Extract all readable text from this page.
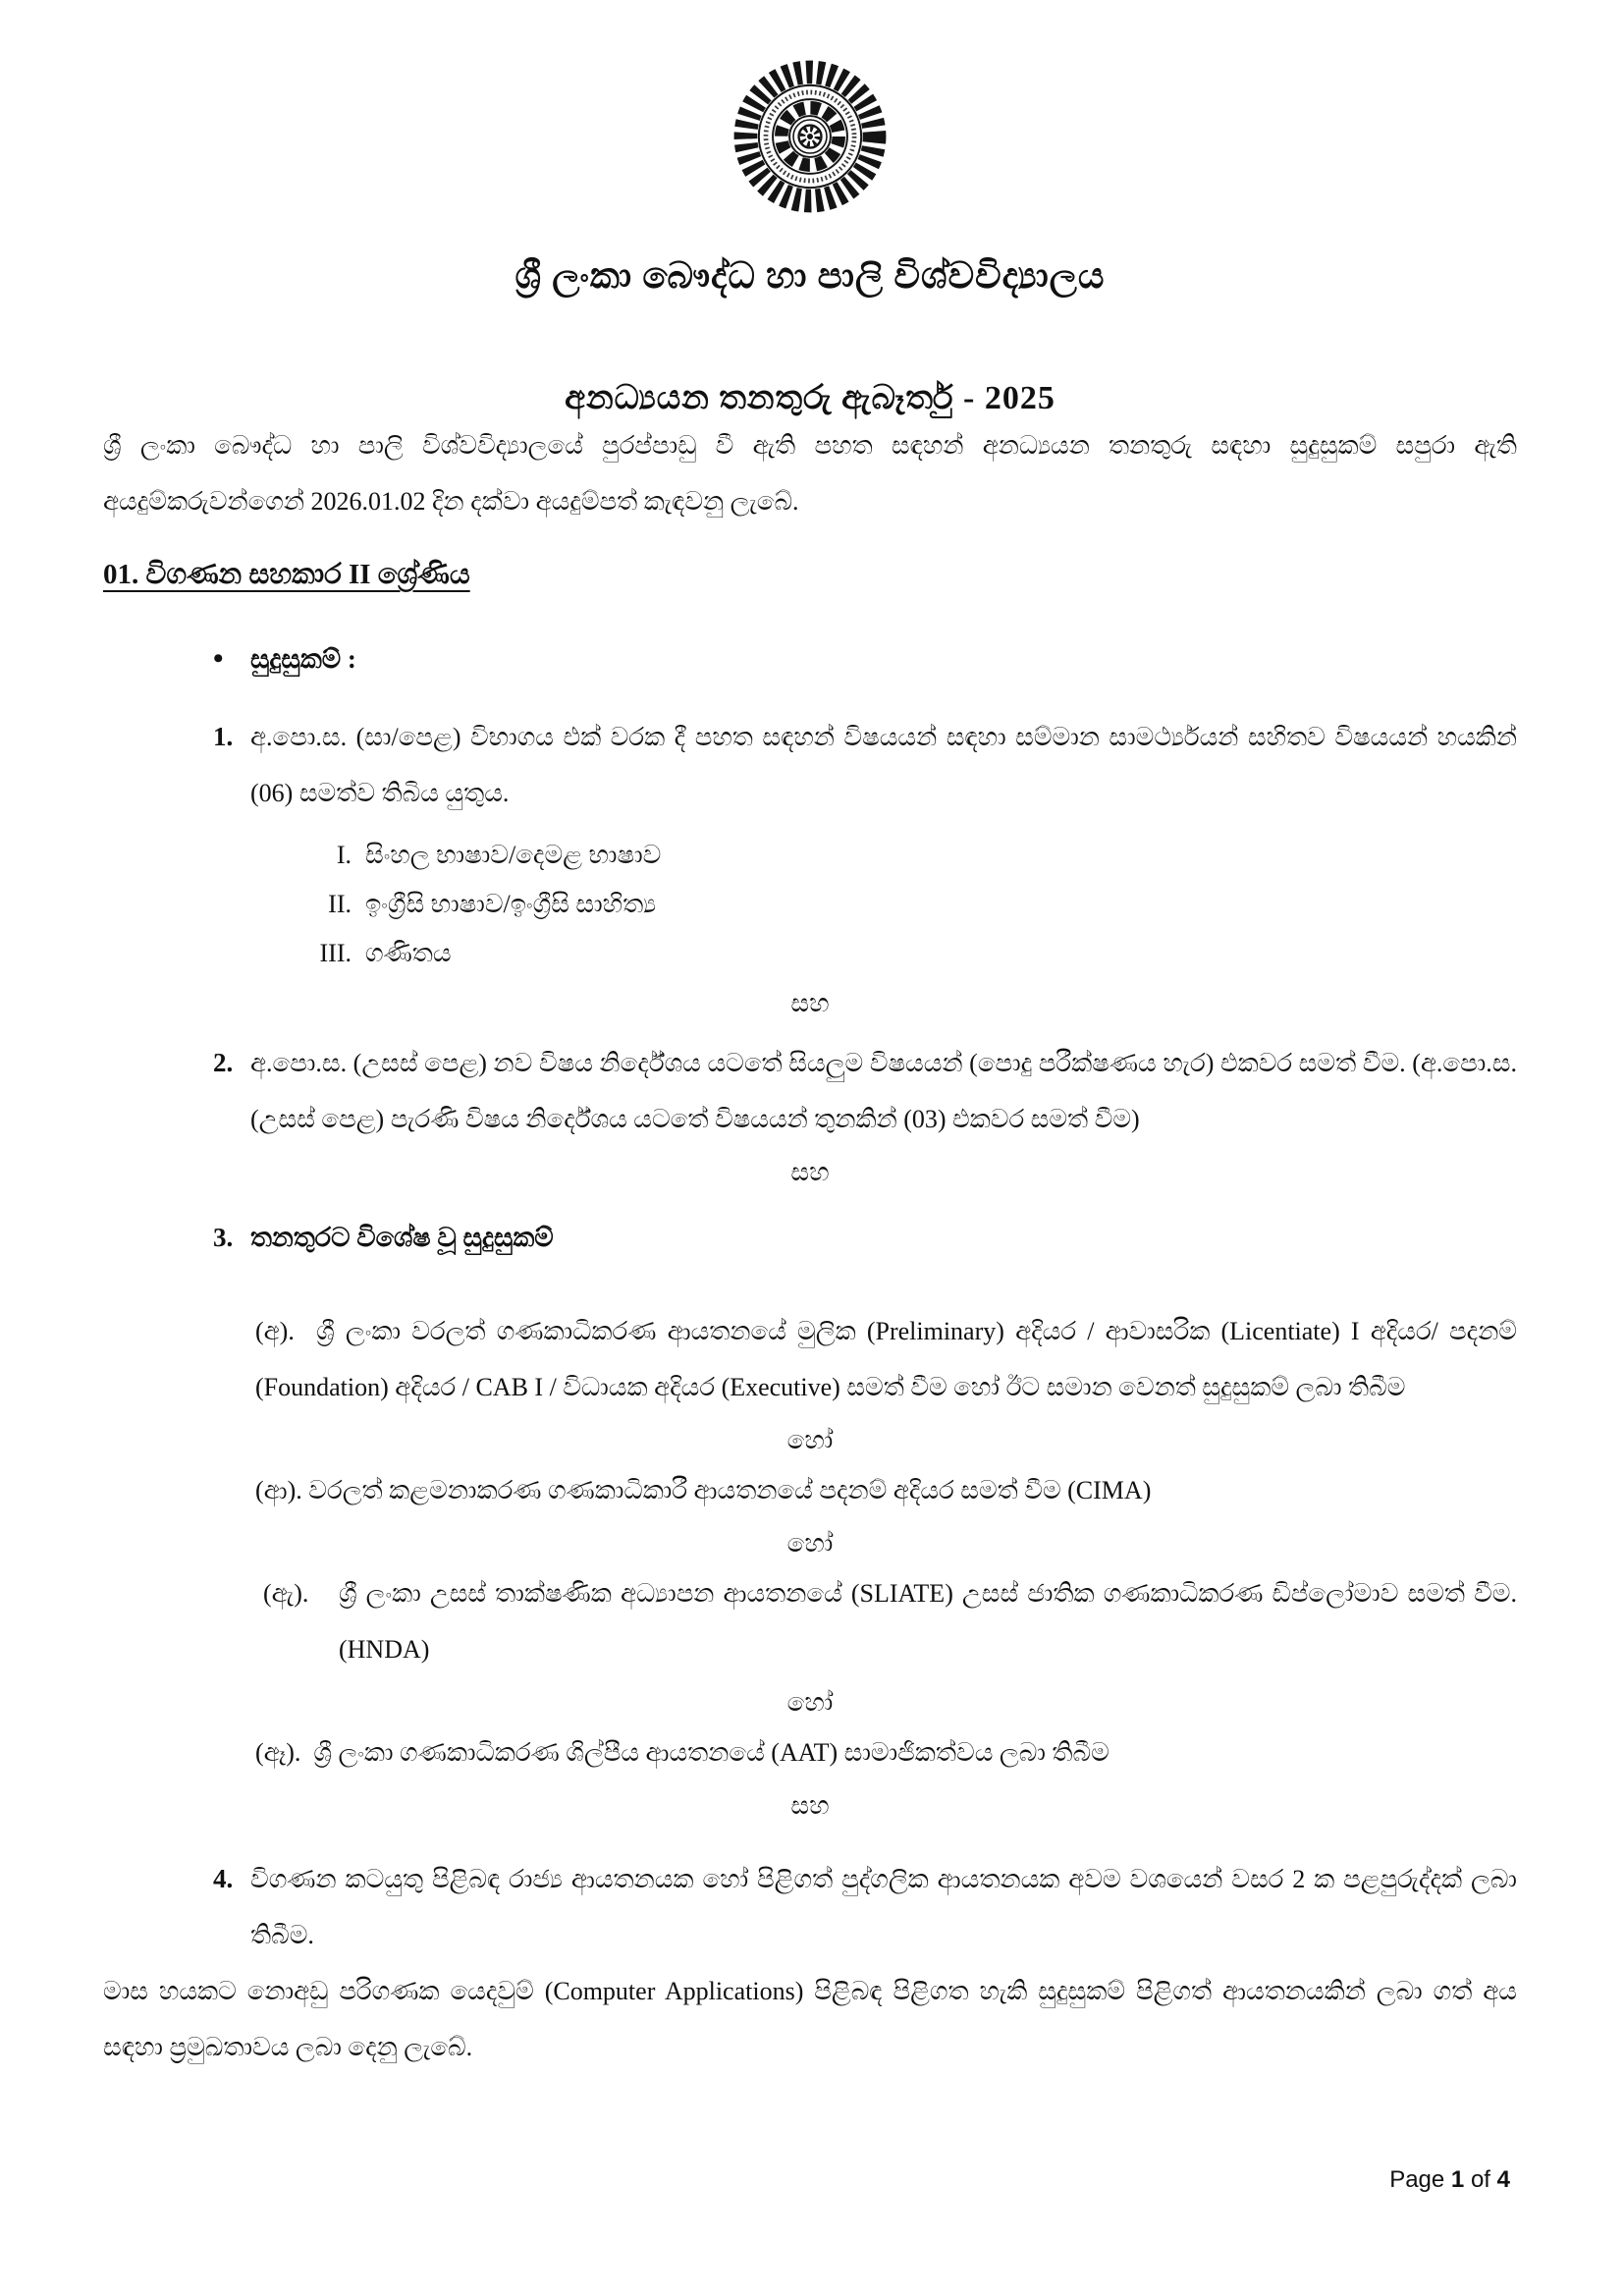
ශ්‍රී ලංකා බෞද්ධ හා පාලි විශ්වවිද්‍යාලය
අනධ්‍යයන තනතුරු ඇබෑර්තු - 2025

ශ්‍රී ලංකා බෞද්ධ හා පාලි විශ්වවිද්‍යාලයේ පුරප්පාඩු වී ඇති පහත සඳහන් අනධ්‍යයන තනතුරු සඳහා සුදුසුකම් සපුරා ඇති අයදුම්කරුවන්ගෙන් 2026.01.02 දින දක්වා අයදුම්පත් කැඳවනු ලැබේ.

01. විගණන සහකාර II ශ්‍රේණිය
• සුදුසුකම් :
1. අ.පො.ස. (සා/පෙළ) විභාගය එක් වරක දී පහත සඳහන් විෂයයන් සඳහා සම්මාන සාමර්ථ්‍යයන් සහිතව විෂයයන් හයකින් (06) සමත්ව තිබිය යුතුය.

I. සිංහල භාෂාව/දෙමළ භාෂාව
II. ඉංග්‍රීසි භාෂාව/ඉංග්‍රීසි සාහිත්‍ය
III. ගණිතය
සහ
2. අ.පො.ස. (උසස් පෙළ) නව විෂය නිර්දේශය යටතේ සියලුම විෂයයන් (පොදු පරීක්ෂණය හැර) එකවර සමත් වීම. (අ.පො.ස. (උසස් පෙළ) පැරණි විෂය නිර්දේශය යටතේ විෂයයන් තුනකින් (03) එකවර සමත් වීම)

සහ
3. තනතුරට විශේෂ වූ සුදුසුකම්

(අ). ශ්‍රී ලංකා වරලත් ගණකාධිකරණ ආයතනයේ මුලික (Preliminary) අදියර / ආවාසරික (Licentiate) I අදියර/ පදනම් (Foundation) අදියර / CAB I / විධායක අදියර (Executive) සමත් වීම හෝ ඊට සමාන වෙනත් සුදුසුකම් ලබා තිබීම

හෝ

(ආ). වරලත් කළමනාකරණ ගණකාධිකාරී ආයතනයේ පදනම් අදියර සමත් වීම (CIMA)

හෝ
(ඇ). ශ්‍රී ලංකා උසස් තාක්ෂණික අධ්‍යාපන ආයතනයේ (SLIATE) උසස් ජාතික ගණකාධිකරණ ඩිප්ලෝමාව සමත් වීම. (HNDA)

හෝ

(ඈ). ශ්‍රී ලංකා ගණකාධිකරණ ශිල්පීය ආයතනයේ (AAT) සාමාජිකත්වය ලබා තිබීම

සහ
4. විගණන කටයුතු පිළිබඳ රාජ්‍ය ආයතනයක හෝ පිළිගත් පුද්ගලික ආයතනයක අවම වශයෙන් වසර 2 ක පළපුරුද්දක් ලබා තිබීම.

මාස හයකට නොඅඩු පරිගණක යෙදවුම් (Computer Applications) පිළිබඳ පිළිගත හැකි සුදුසුකම් පිළිගත් ආයතනයකින් ලබා ගත් අය සඳහා ප්‍රමුඛතාවය ලබා දෙනු ලැබේ.

Page 1 of 4
